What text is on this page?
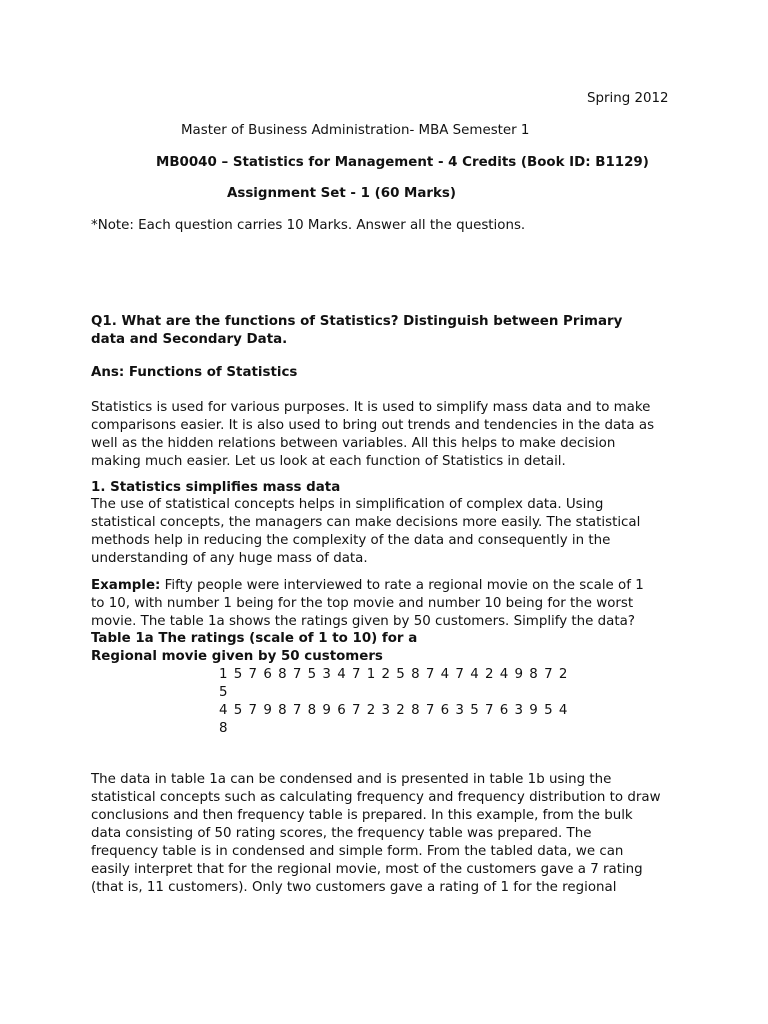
Spring 2012
Master of Business Administration- MBA Semester 1
MB0040 – Statistics for Management - 4 Credits (Book ID: B1129)
Assignment Set - 1 (60 Marks)
*Note: Each question carries 10 Marks. Answer all the questions.
Q1. What are the functions of Statistics? Distinguish between Primary
data and Secondary Data.
Ans: Functions of Statistics
Statistics is used for various purposes. It is used to simplify mass data and to make
comparisons easier. It is also used to bring out trends and tendencies in the data as
well as the hidden relations between variables. All this helps to make decision
making much easier. Let us look at each function of Statistics in detail.
1. Statistics simplifies mass data
The use of statistical concepts helps in simplification of complex data. Using
statistical concepts, the managers can make decisions more easily. The statistical
methods help in reducing the complexity of the data and consequently in the
understanding of any huge mass of data.
Example: Fifty people were interviewed to rate a regional movie on the scale of 1
to 10, with number 1 being for the top movie and number 10 being for the worst
movie. The table 1a shows the ratings given by 50 customers. Simplify the data?
Table 1a The ratings (scale of 1 to 10) for a
Regional movie given by 50 customers
1 5 7 6 8 7 5 3 4 7 1 2 5 8 7 4 7 4 2 4 9 8 7 2
5
4 5 7 9 8 7 8 9 6 7 2 3 2 8 7 6 3 5 7 6 3 9 5 4
8
The data in table 1a can be condensed and is presented in table 1b using the
statistical concepts such as calculating frequency and frequency distribution to draw
conclusions and then frequency table is prepared. In this example, from the bulk
data consisting of 50 rating scores, the frequency table was prepared. The
frequency table is in condensed and simple form. From the tabled data, we can
easily interpret that for the regional movie, most of the customers gave a 7 rating
(that is, 11 customers). Only two customers gave a rating of 1 for the regional
